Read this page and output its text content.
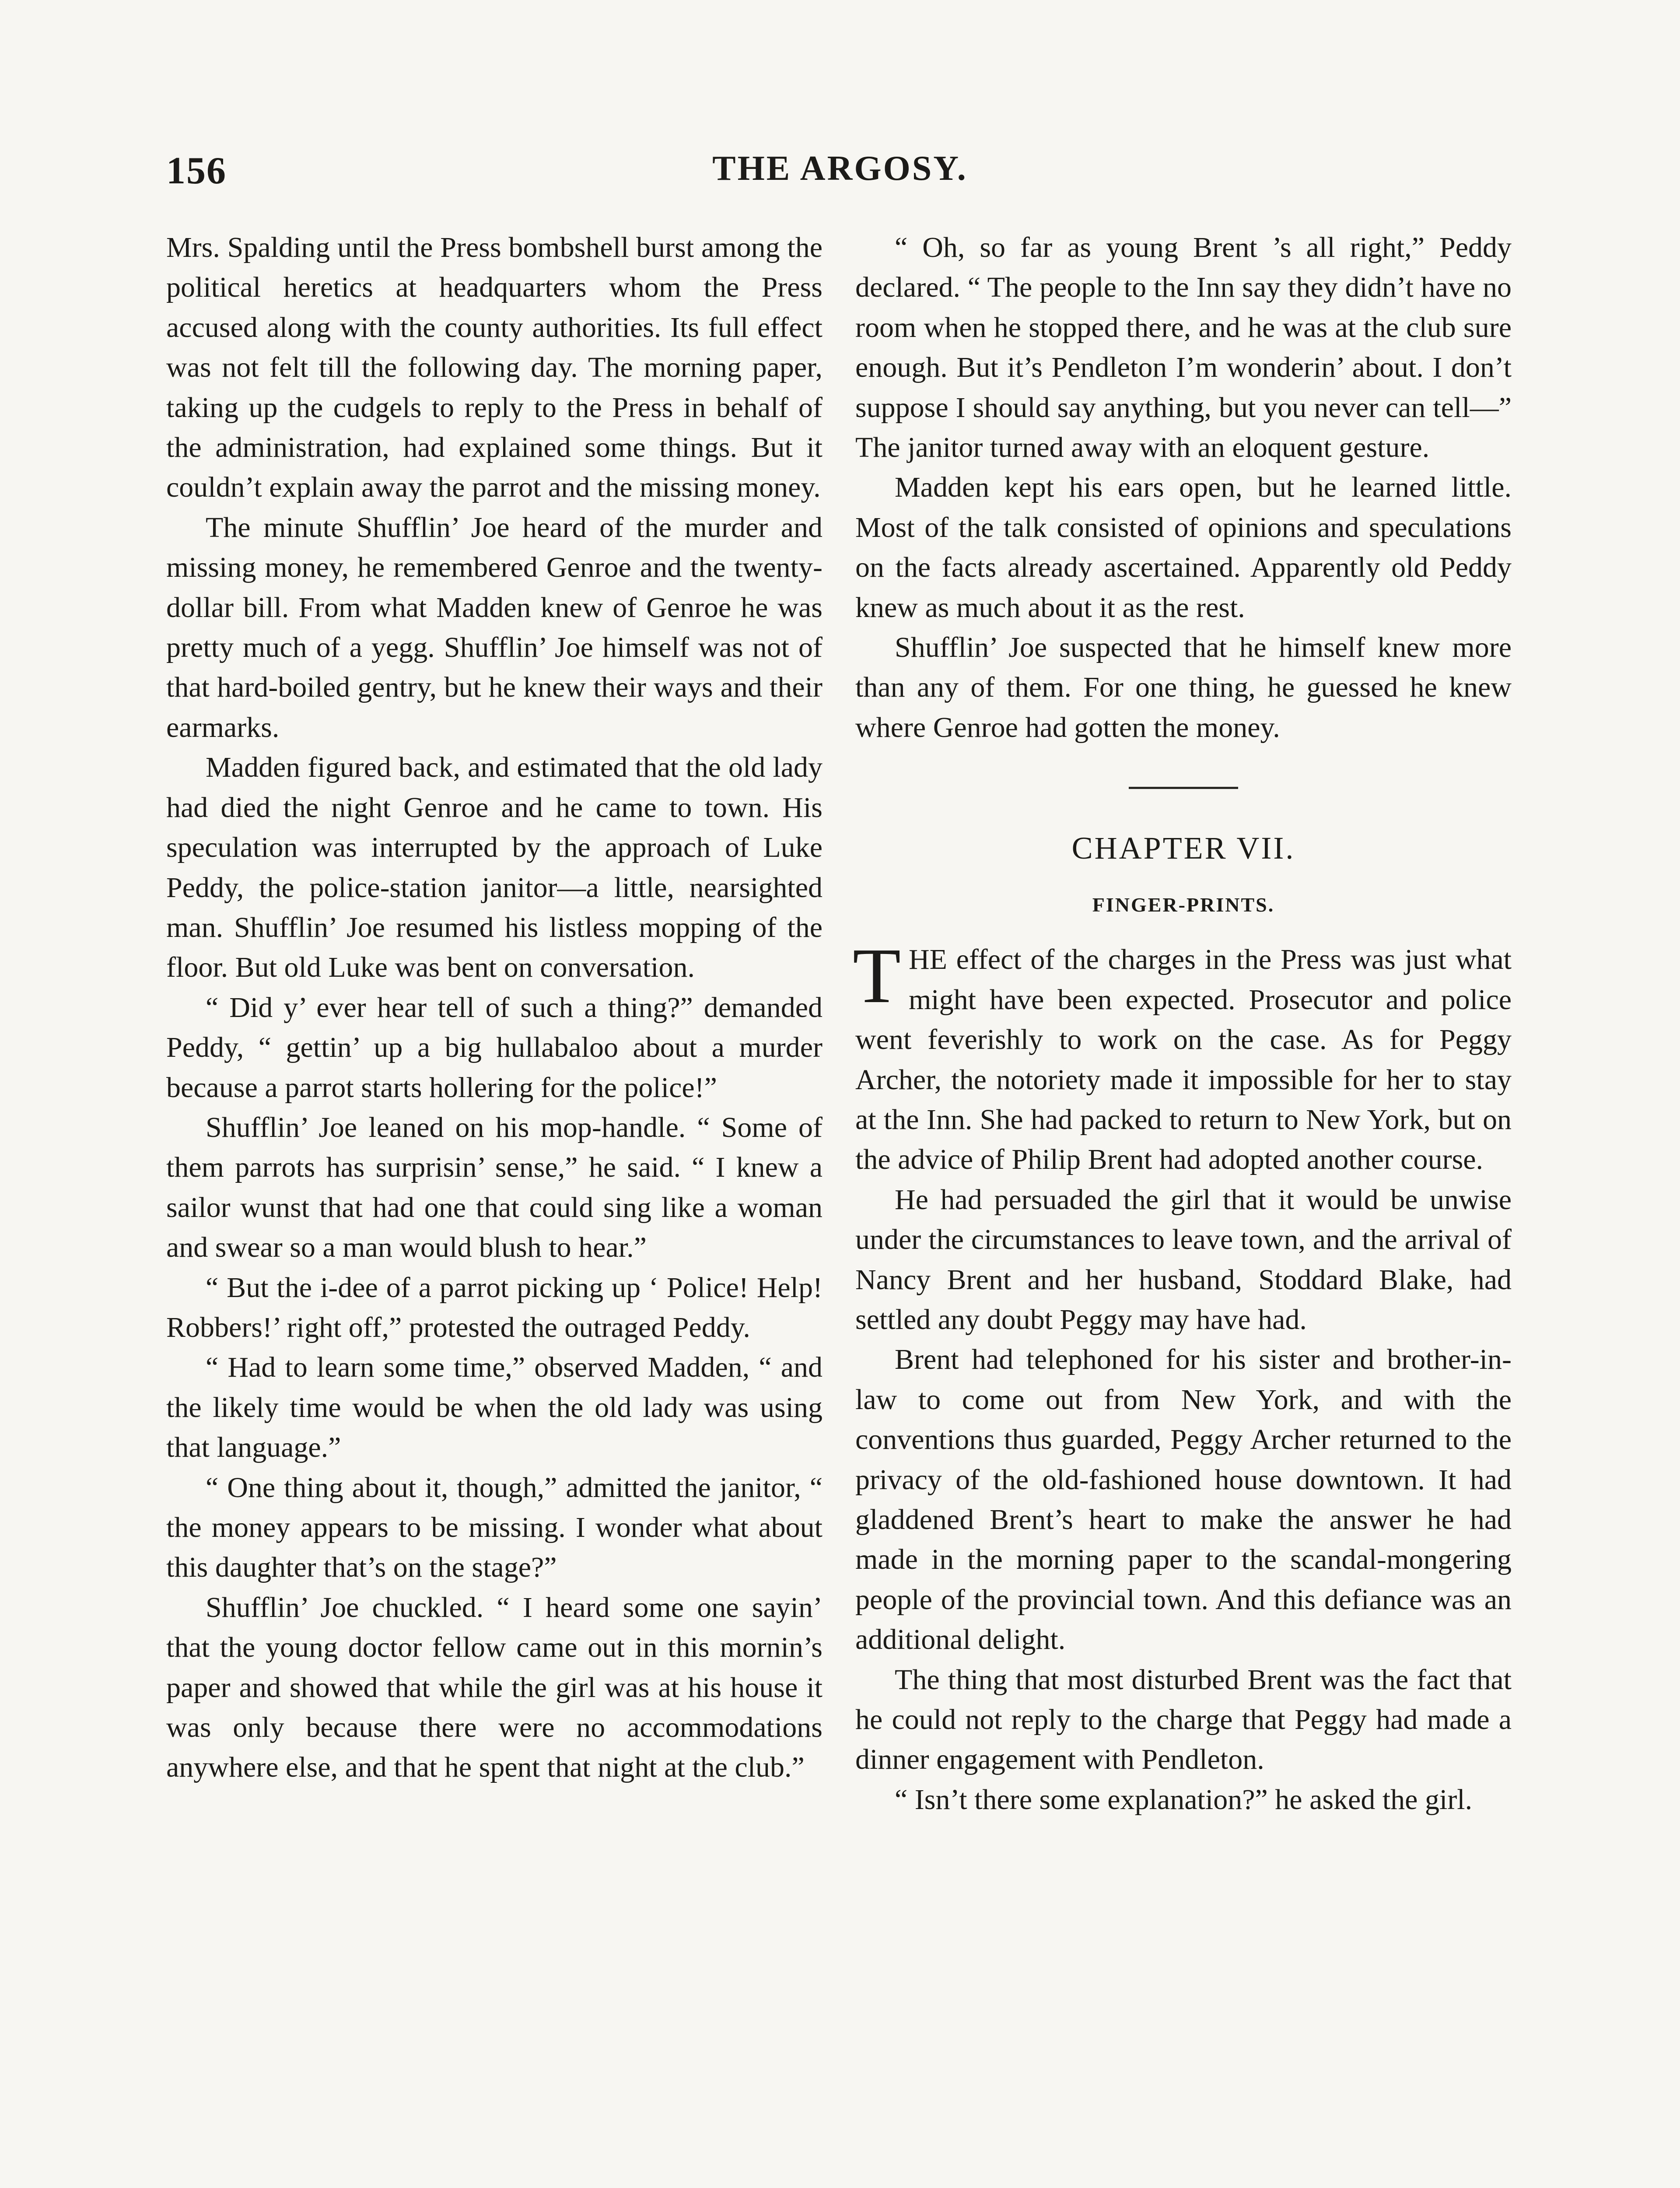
156	THE ARGOSY.

Mrs. Spalding until the Press bombshell burst among the political heretics at headquarters whom the Press accused along with the county authorities. Its full effect was not felt till the following day. The morning paper, taking up the cudgels to reply to the Press in behalf of the administration, had explained some things. But it couldn’t explain away the parrot and the missing money.

The minute Shufflin’ Joe heard of the murder and missing money, he remembered Genroe and the twenty-dollar bill. From what Madden knew of Genroe he was pretty much of a yegg. Shufflin’ Joe himself was not of that hard-boiled gentry, but he knew their ways and their earmarks.

Madden figured back, and estimated that the old lady had died the night Genroe and he came to town. His speculation was interrupted by the approach of Luke Peddy, the police-station janitor—a little, nearsighted man. Shufflin’ Joe resumed his listless mopping of the floor. But old Luke was bent on conversation.

“ Did y’ ever hear tell of such a thing?” demanded Peddy, “ gettin’ up a big hullabaloo about a murder because a parrot starts hollering for the police!”

Shufflin’ Joe leaned on his mop-handle. “ Some of them parrots has surprisin’ sense,” he said. “ I knew a sailor wunst that had one that could sing like a woman and swear so a man would blush to hear.”

“ But the i-dee of a parrot picking up ‘ Police! Help! Robbers!’ right off,” protested the outraged Peddy.

“ Had to learn some time,” observed Madden, “ and the likely time would be when the old lady was using that language.”

“ One thing about it, though,” admitted the janitor, “ the money appears to be missing. I wonder what about this daughter that’s on the stage?”

Shufflin’ Joe chuckled. “ I heard some one sayin’ that the young doctor fellow came out in this mornin’s paper and showed that while the girl was at his house it was only because there were no accommodations anywhere else, and that he spent that night at the club.”

“ Oh, so far as young Brent ’s all right,” Peddy declared. “ The people to the Inn say they didn’t have no room when he stopped there, and he was at the club sure enough. But it’s Pendleton I’m wonderin’ about. I don’t suppose I should say anything, but you never can tell—” The janitor turned away with an eloquent gesture.

Madden kept his ears open, but he learned little. Most of the talk consisted of opinions and speculations on the facts already ascertained. Apparently old Peddy knew as much about it as the rest.

Shufflin’ Joe suspected that he himself knew more than any of them. For one thing, he guessed he knew where Genroe had gotten the money.

CHAPTER VII.
FINGER-PRINTS.

T HE effect of the charges in the Press was just what might have been expected. Prosecutor and police went feverishly to work on the case. As for Peggy Archer, the notoriety made it impossible for her to stay at the Inn. She had packed to return to New York, but on the advice of Philip Brent had adopted another course.

He had persuaded the girl that it would be unwise under the circumstances to leave town, and the arrival of Nancy Brent and her husband, Stoddard Blake, had settled any doubt Peggy may have had.

Brent had telephoned for his sister and brother-in-law to come out from New York, and with the conventions thus guarded, Peggy Archer returned to the privacy of the old-fashioned house downtown. It had gladdened Brent’s heart to make the answer he had made in the morning paper to the scandal-mongering people of the provincial town. And this defiance was an additional delight.

The thing that most disturbed Brent was the fact that he could not reply to the charge that Peggy had made a dinner engagement with Pendleton.

“ Isn’t there some explanation?” he asked the girl.
